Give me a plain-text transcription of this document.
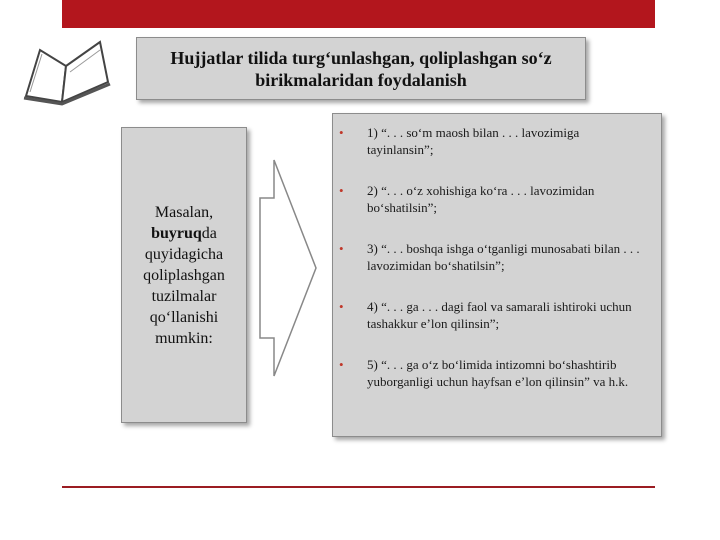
Hujjatlar tilida turg‘unlashgan, qoliplashgan so‘z
birikmalaridan foydalanish
Masalan,
buyruqda
quyidagicha
qoliplashgan
tuzilmalar
qo‘llanishi
mumkin:
• 1) “. . . so‘m maosh bilan . . . lavozimiga tayinlansin”;
• 2) “. . . o‘z xohishiga ko‘ra . . . lavozimidan bo‘shatilsin”;
• 3) “. . . boshqa ishga o‘tganligi munosabati bilan . . . lavozimidan bo‘shatilsin”;
• 4) “. . . ga . . . dagi faol va samarali ishtiroki uchun tashakkur e’lon qilinsin”;
• 5) “. . . ga o‘z bo‘limida intizomni bo‘shashtirib yuborganligi uchun hayfsan e’lon qilinsin” va h.k.
